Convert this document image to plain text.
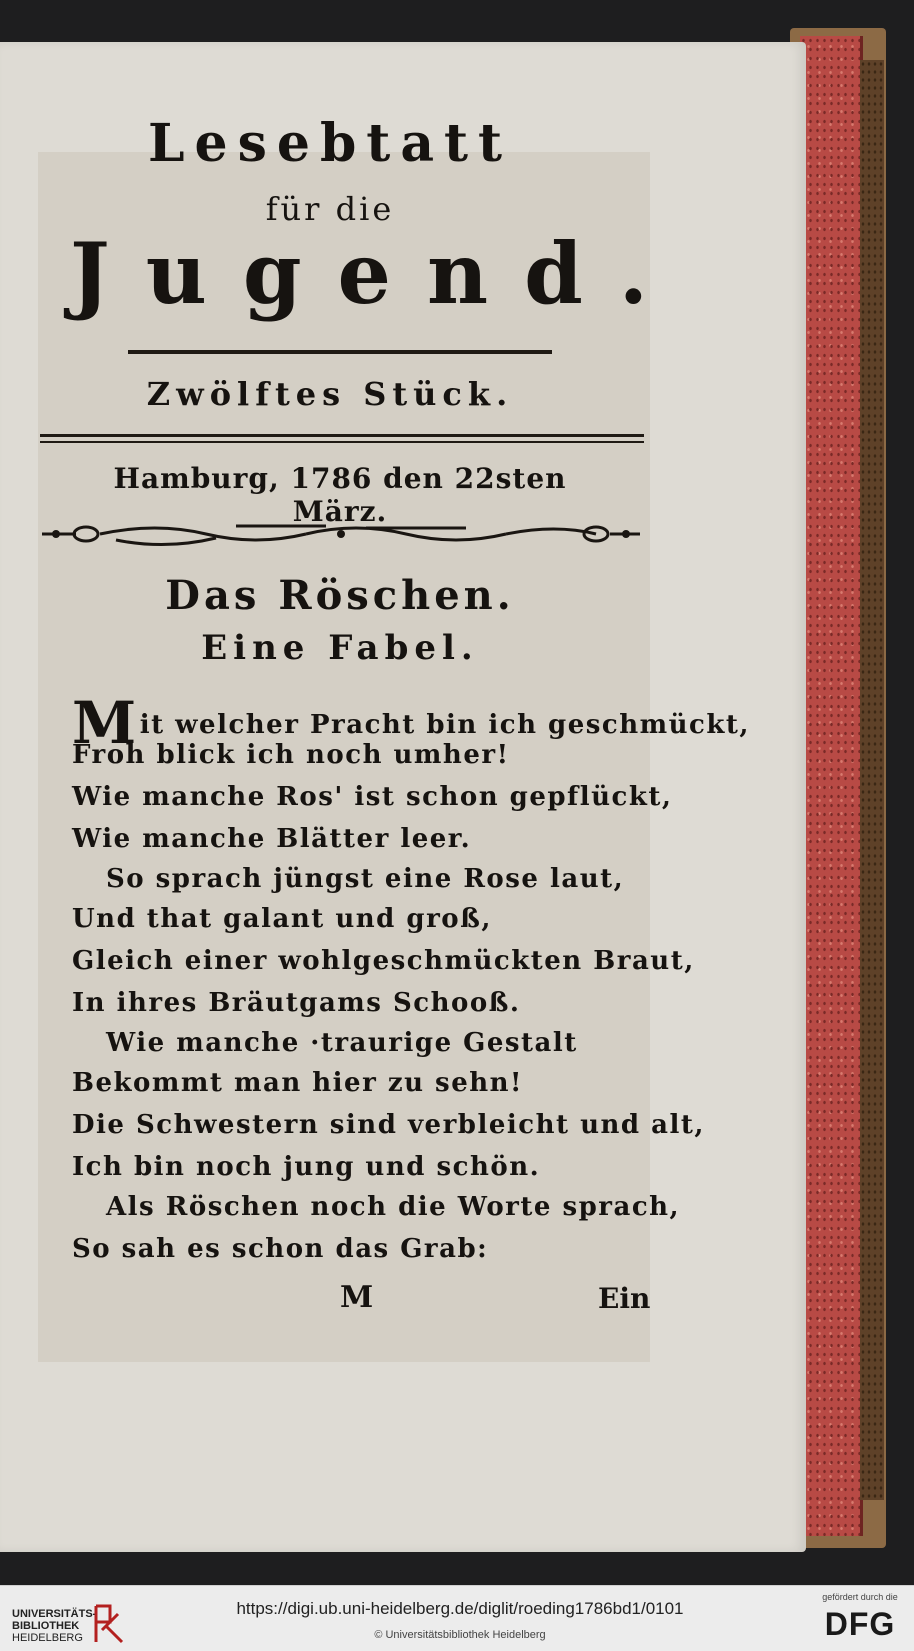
Lesebtatt
für die
Jugend.
Zwölftes Stück.
Hamburg, 1786 den 22sten März.
Das Röschen.
Eine Fabel.
Mit welcher Pracht bin ich geschmückt,
Froh blick ich noch umher!
Wie manche Ros' ist schon gepflückt,
Wie manche Blätter leer.
So sprach jüngst eine Rose laut,
Und that galant und groß,
Gleich einer wohlgeschmückten Braut,
In ihres Bräutgams Schooß.
Wie manche ·traurige Gestalt
Bekommt man hier zu sehn!
Die Schwestern sind verbleicht und alt,
Ich bin noch jung und schön.
Als Röschen noch die Worte sprach,
So sah es schon das Grab:
M	Ein
UNIVERSITÄTS-
BIBLIOTHEK
HEIDELBERG
https://digi.ub.uni-heidelberg.de/diglit/roeding1786bd1/0101
© Universitätsbibliothek Heidelberg
gefördert durch die
DFG
